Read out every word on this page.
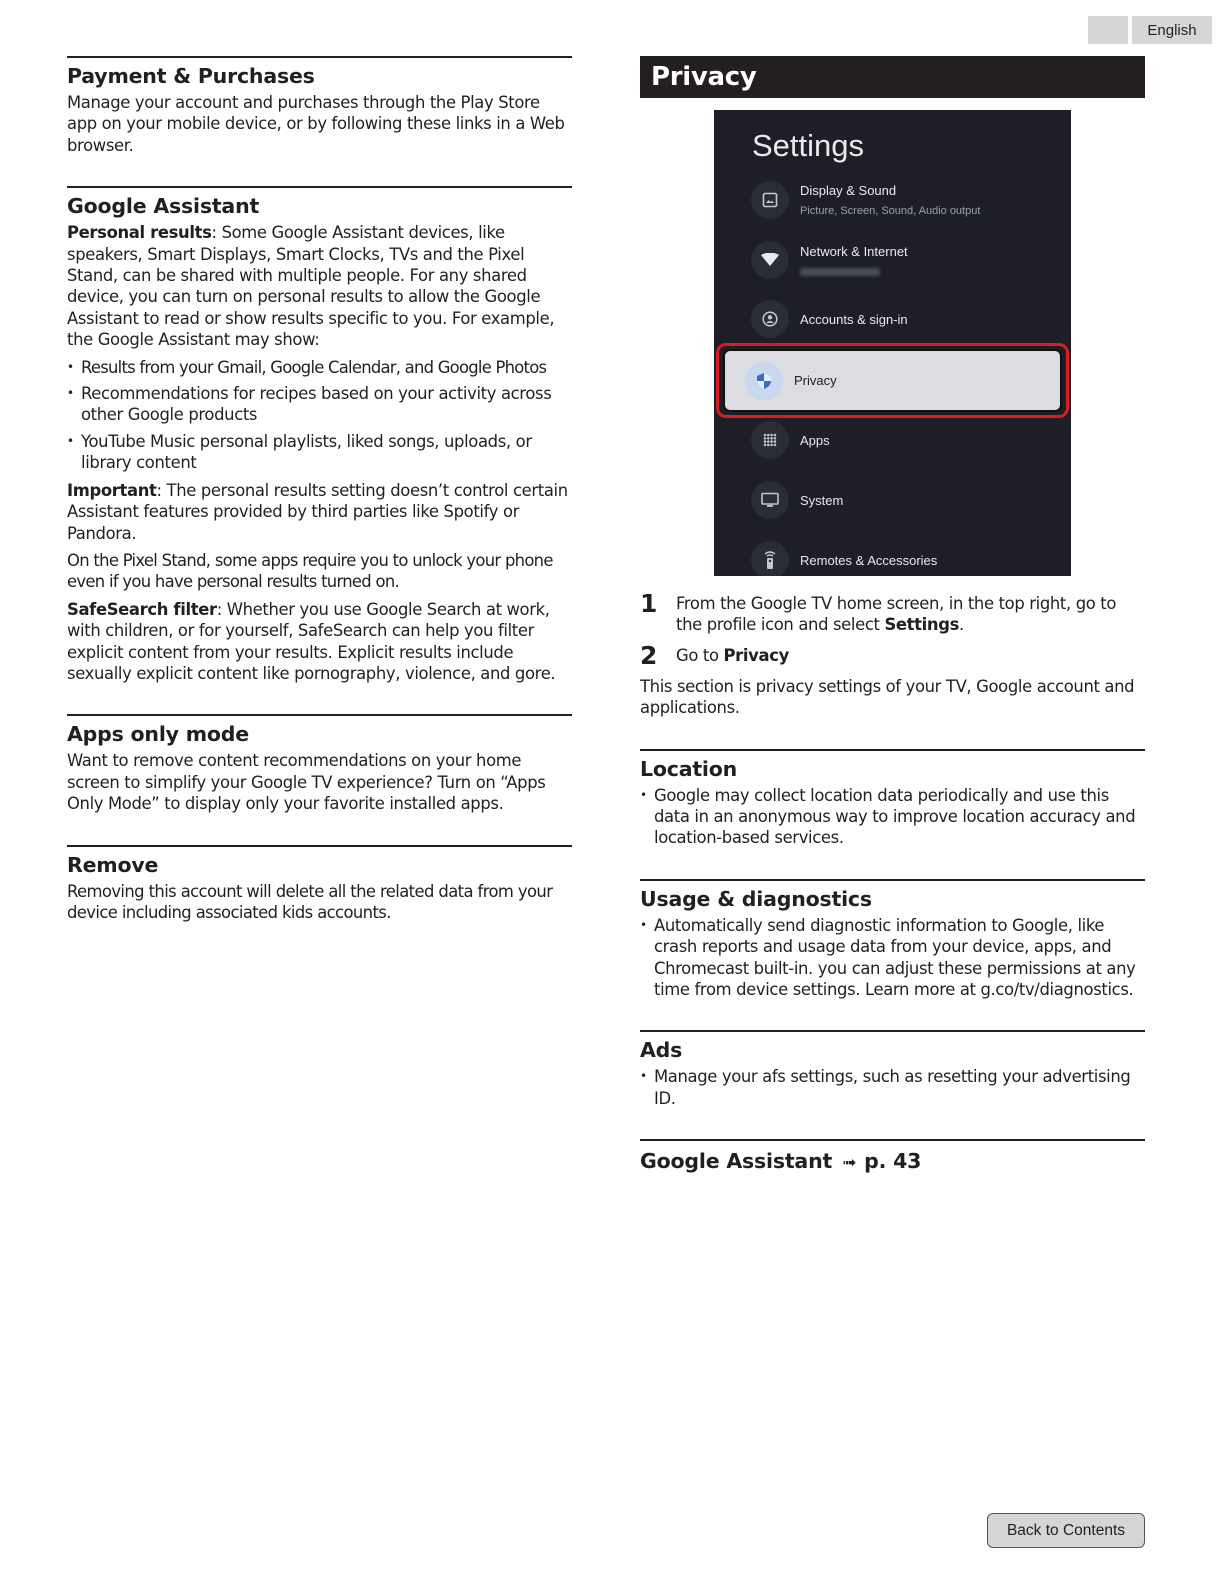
English
Payment & Purchases

Manage your account and purchases through the Play Store app on your mobile device, or by following these links in a Web browser.

Google Assistant

Personal results: Some Google Assistant devices, like speakers, Smart Displays, Smart Clocks, TVs and the Pixel Stand, can be shared with multiple people. For any shared device, you can turn on personal results to allow the Google Assistant to read or show results specific to you. For example, the Google Assistant may show:

• Results from your Gmail, Google Calendar, and Google Photos
• Recommendations for recipes based on your activity across other Google products
• YouTube Music personal playlists, liked songs, uploads, or library content

Important: The personal results setting doesn’t control certain Assistant features provided by third parties like Spotify or Pandora.

On the Pixel Stand, some apps require you to unlock your phone even if you have personal results turned on.

SafeSearch filter: Whether you use Google Search at work, with children, or for yourself, SafeSearch can help you filter explicit content from your results. Explicit results include sexually explicit content like pornography, violence, and gore.

Apps only mode

Want to remove content recommendations on your home screen to simplify your Google TV experience? Turn on “Apps Only Mode” to display only your favorite installed apps.

Remove

Removing this account will delete all the related data from your device including associated kids accounts.

Privacy
Settings
Display & Sound
Picture, Screen, Sound, Audio output
Network & Internet
Accounts & sign-in
Privacy
Apps
System
Remotes & Accessories
1	From the Google TV home screen, in the top right, go to the profile icon and select Settings.
2	Go to Privacy

This section is privacy settings of your TV, Google account and applications.

Location
• Google may collect location data periodically and use this data in an anonymous way to improve location accuracy and location-based services.
Usage & diagnostics
• Automatically send diagnostic information to Google, like crash reports and usage data from your device, apps, and Chromecast built-in. you can adjust these permissions at any time from device settings. Learn more at g.co/tv/diagnostics.
Ads
• Manage your afs settings, such as resetting your advertising ID.
Google Assistant ➟ p. 43
Back to Contents
